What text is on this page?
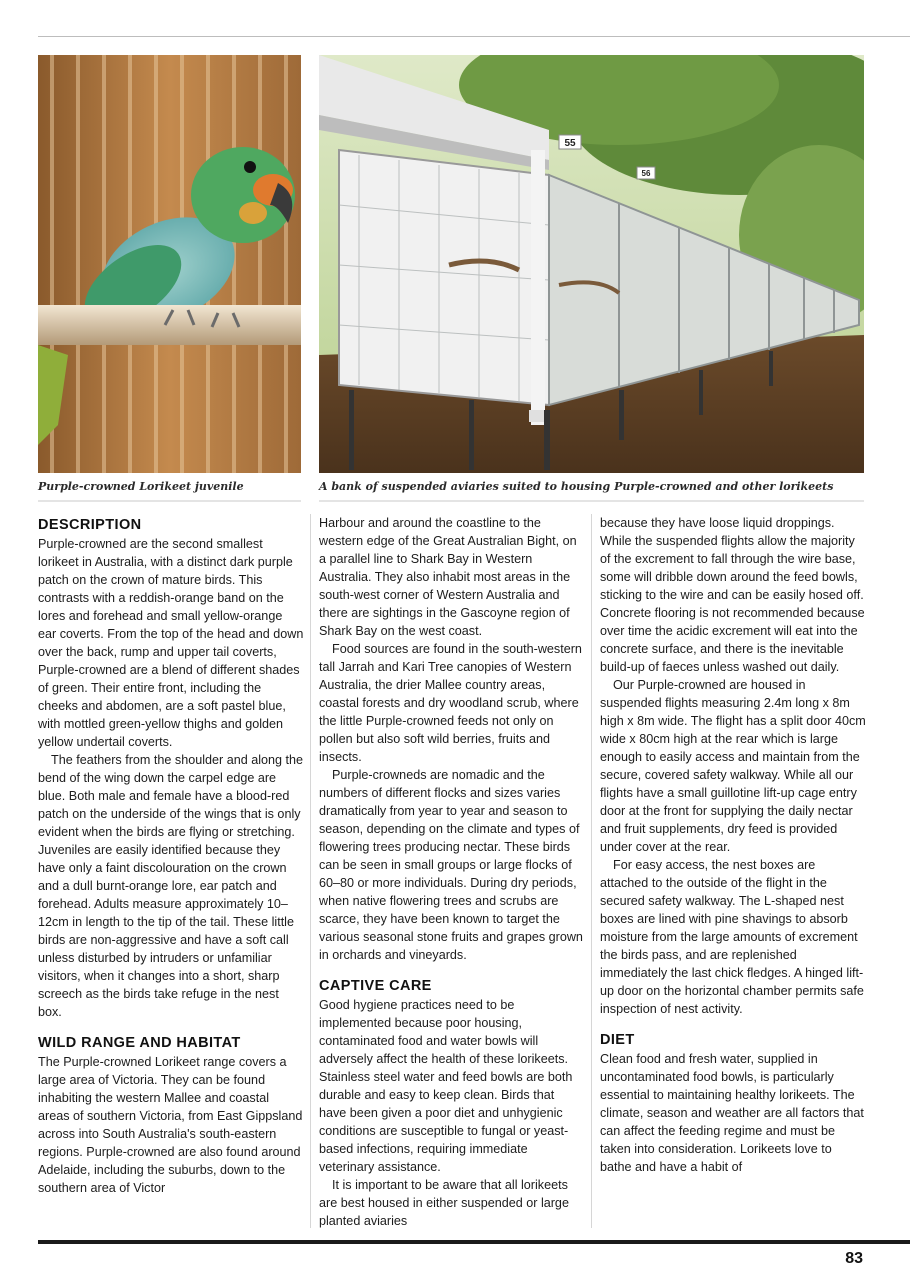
55
56
Purple-crowned Lorikeet juvenile	A bank of suspended aviaries suited to housing Purple-crowned and other lorikeets
DESCRIPTION

Purple-crowned are the second smallest lorikeet in Australia, with a distinct dark purple patch on the crown of mature birds. This contrasts with a reddish-orange band on the lores and forehead and small yellow-orange ear coverts. From the top of the head and down over the back, rump and upper tail coverts, Purple-crowned are a blend of different shades of green. Their entire front, including the cheeks and abdomen, are a soft pastel blue, with mottled green-yellow thighs and golden yellow undertail coverts.

The feathers from the shoulder and along the bend of the wing down the carpel edge are blue. Both male and female have a blood-red patch on the underside of the wings that is only evident when the birds are flying or stretching. Juveniles are easily identified because they have only a faint discolouration on the crown and a dull burnt-orange lore, ear patch and forehead. Adults measure approximately 10–12cm in length to the tip of the tail. These little birds are non-aggressive and have a soft call unless disturbed by intruders or unfamiliar visitors, when it changes into a short, sharp screech as the birds take refuge in the nest box.

WILD RANGE AND HABITAT

The Purple-crowned Lorikeet range covers a large area of Victoria. They can be found inhabiting the western Mallee and coastal areas of southern Victoria, from East Gippsland across into South Australia's south-eastern regions. Purple-crowned are also found around Adelaide, including the suburbs, down to the southern area of Victor

Harbour and around the coastline to the western edge of the Great Australian Bight, on a parallel line to Shark Bay in Western Australia. They also inhabit most areas in the south-west corner of Western Australia and there are sightings in the Gascoyne region of Shark Bay on the west coast.

Food sources are found in the south-western tall Jarrah and Kari Tree canopies of Western Australia, the drier Mallee country areas, coastal forests and dry woodland scrub, where the little Purple-crowned feeds not only on pollen but also soft wild berries, fruits and insects.

Purple-crowneds are nomadic and the numbers of different flocks and sizes varies dramatically from year to year and season to season, depending on the climate and types of flowering trees producing nectar. These birds can be seen in small groups or large flocks of 60–80 or more individuals. During dry periods, when native flowering trees and scrubs are scarce, they have been known to target the various seasonal stone fruits and grapes grown in orchards and vineyards.

CAPTIVE CARE

Good hygiene practices need to be implemented because poor housing, contaminated food and water bowls will adversely affect the health of these lorikeets. Stainless steel water and feed bowls are both durable and easy to keep clean. Birds that have been given a poor diet and unhygienic conditions are susceptible to fungal or yeast-based infections, requiring immediate veterinary assistance.

It is important to be aware that all lorikeets are best housed in either suspended or large planted aviaries

because they have loose liquid droppings. While the suspended flights allow the majority of the excrement to fall through the wire base, some will dribble down around the feed bowls, sticking to the wire and can be easily hosed off. Concrete flooring is not recommended because over time the acidic excrement will eat into the concrete surface, and there is the inevitable build-up of faeces unless washed out daily.

Our Purple-crowned are housed in suspended flights measuring 2.4m long x 8m high x 8m wide. The flight has a split door 40cm wide x 80cm high at the rear which is large enough to easily access and maintain from the secure, covered safety walkway. While all our flights have a small guillotine lift-up cage entry door at the front for supplying the daily nectar and fruit supplements, dry feed is provided under cover at the rear.

For easy access, the nest boxes are attached to the outside of the flight in the secured safety walkway. The L-shaped nest boxes are lined with pine shavings to absorb moisture from the large amounts of excrement the birds pass, and are replenished immediately the last chick fledges. A hinged lift-up door on the horizontal chamber permits safe inspection of nest activity.

DIET

Clean food and fresh water, supplied in uncontaminated food bowls, is particularly essential to maintaining healthy lorikeets. The climate, season and weather are all factors that can affect the feeding regime and must be taken into consideration. Lorikeets love to bathe and have a habit of

83
